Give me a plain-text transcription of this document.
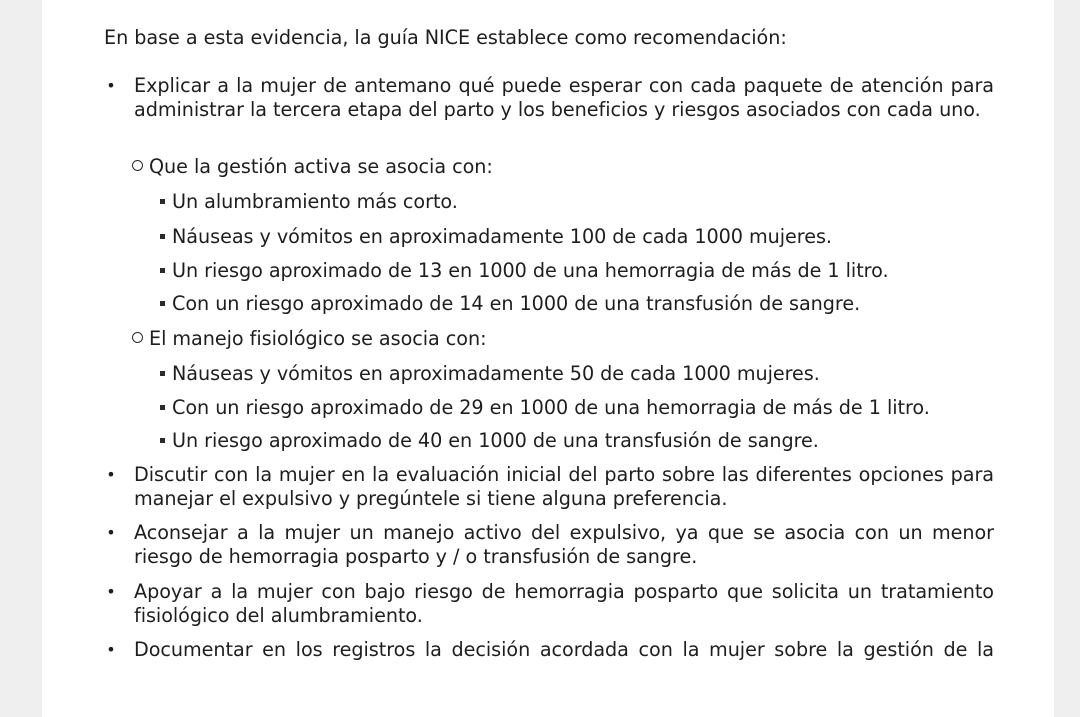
En base a esta evidencia, la guía NICE establece como recomendación:
• Explicar a la mujer de antemano qué puede esperar con cada paquete de atención para administrar la tercera etapa del parto y los beneficios y riesgos asociados con cada uno.
Que la gestión activa se asocia con:
Un alumbramiento más corto.
Náuseas y vómitos en aproximadamente 100 de cada 1000 mujeres.
Un riesgo aproximado de 13 en 1000 de una hemorragia de más de 1 litro.
Con un riesgo aproximado de 14 en 1000 de una transfusión de sangre.
El manejo fisiológico se asocia con:
Náuseas y vómitos en aproximadamente 50 de cada 1000 mujeres.
Con un riesgo aproximado de 29 en 1000 de una hemorragia de más de 1 litro.
Un riesgo aproximado de 40 en 1000 de una transfusión de sangre.
• Discutir con la mujer en la evaluación inicial del parto sobre las diferentes opciones para manejar el expulsivo y pregúntele si tiene alguna preferencia.
• Aconsejar a la mujer un manejo activo del expulsivo, ya que se asocia con un menor riesgo de hemorragia posparto y / o transfusión de sangre.
• Apoyar a la mujer con bajo riesgo de hemorragia posparto que solicita un tratamiento fisiológico del alumbramiento.
• Documentar en los registros la decisión acordada con la mujer sobre la gestión de la
